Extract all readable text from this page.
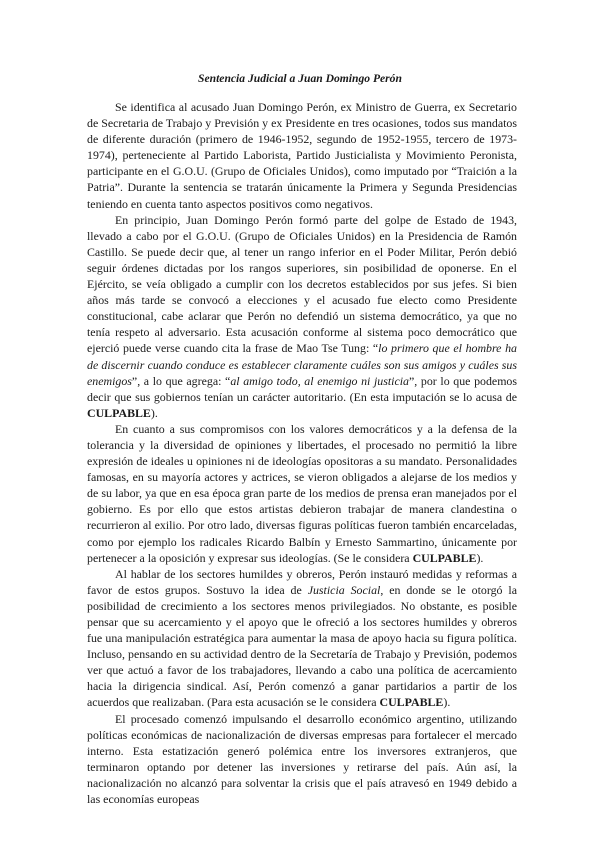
Sentencia Judicial a Juan Domingo Perón

Se identifica al acusado Juan Domingo Perón, ex Ministro de Guerra, ex Secretario de Secretaria de Trabajo y Previsión y ex Presidente en tres ocasiones, todos sus mandatos de diferente duración (primero de 1946-1952, segundo de 1952-1955, tercero de 1973-1974), perteneciente al Partido Laborista, Partido Justicialista y Movimiento Peronista, participante en el G.O.U. (Grupo de Oficiales Unidos), como imputado por “Traición a la Patria”. Durante la sentencia se tratarán únicamente la Primera y Segunda Presidencias teniendo en cuenta tanto aspectos positivos como negativos.

En principio, Juan Domingo Perón formó parte del golpe de Estado de 1943, llevado a cabo por el G.O.U. (Grupo de Oficiales Unidos) en la Presidencia de Ramón Castillo. Se puede decir que, al tener un rango inferior en el Poder Militar, Perón debió seguir órdenes dictadas por los rangos superiores, sin posibilidad de oponerse. En el Ejército, se veía obligado a cumplir con los decretos establecidos por sus jefes. Si bien años más tarde se convocó a elecciones y el acusado fue electo como Presidente constitucional, cabe aclarar que Perón no defendió un sistema democrático, ya que no tenía respeto al adversario. Esta acusación conforme al sistema poco democrático que ejerció puede verse cuando cita la frase de Mao Tse Tung: “lo primero que el hombre ha de discernir cuando conduce es establecer claramente cuáles son sus amigos y cuáles sus enemigos”, a lo que agrega: “al amigo todo, al enemigo ni justicia”, por lo que podemos decir que sus gobiernos tenían un carácter autoritario. (En esta imputación se lo acusa de CULPABLE).

En cuanto a sus compromisos con los valores democráticos y a la defensa de la tolerancia y la diversidad de opiniones y libertades, el procesado no permitió la libre expresión de ideales u opiniones ni de ideologías opositoras a su mandato. Personalidades famosas, en su mayoría actores y actrices, se vieron obligados a alejarse de los medios y de su labor, ya que en esa época gran parte de los medios de prensa eran manejados por el gobierno. Es por ello que estos artistas debieron trabajar de manera clandestina o recurrieron al exilio. Por otro lado, diversas figuras políticas fueron también encarceladas, como por ejemplo los radicales Ricardo Balbín y Ernesto Sammartino, únicamente por pertenecer a la oposición y expresar sus ideologías. (Se le considera CULPABLE).

Al hablar de los sectores humildes y obreros, Perón instauró medidas y reformas a favor de estos grupos. Sostuvo la idea de Justicia Social, en donde se le otorgó la posibilidad de crecimiento a los sectores menos privilegiados. No obstante, es posible pensar que su acercamiento y el apoyo que le ofreció a los sectores humildes y obreros fue una manipulación estratégica para aumentar la masa de apoyo hacia su figura política. Incluso, pensando en su actividad dentro de la Secretaría de Trabajo y Previsión, podemos ver que actuó a favor de los trabajadores, llevando a cabo una política de acercamiento hacia la dirigencia sindical. Así, Perón comenzó a ganar partidarios a partir de los acuerdos que realizaban. (Para esta acusación se le considera CULPABLE).

El procesado comenzó impulsando el desarrollo económico argentino, utilizando políticas económicas de nacionalización de diversas empresas para fortalecer el mercado interno. Esta estatización generó polémica entre los inversores extranjeros, que terminaron optando por detener las inversiones y retirarse del país. Aún así, la nacionalización no alcanzó para solventar la crisis que el país atravesó en 1949 debido a las economías europeas
